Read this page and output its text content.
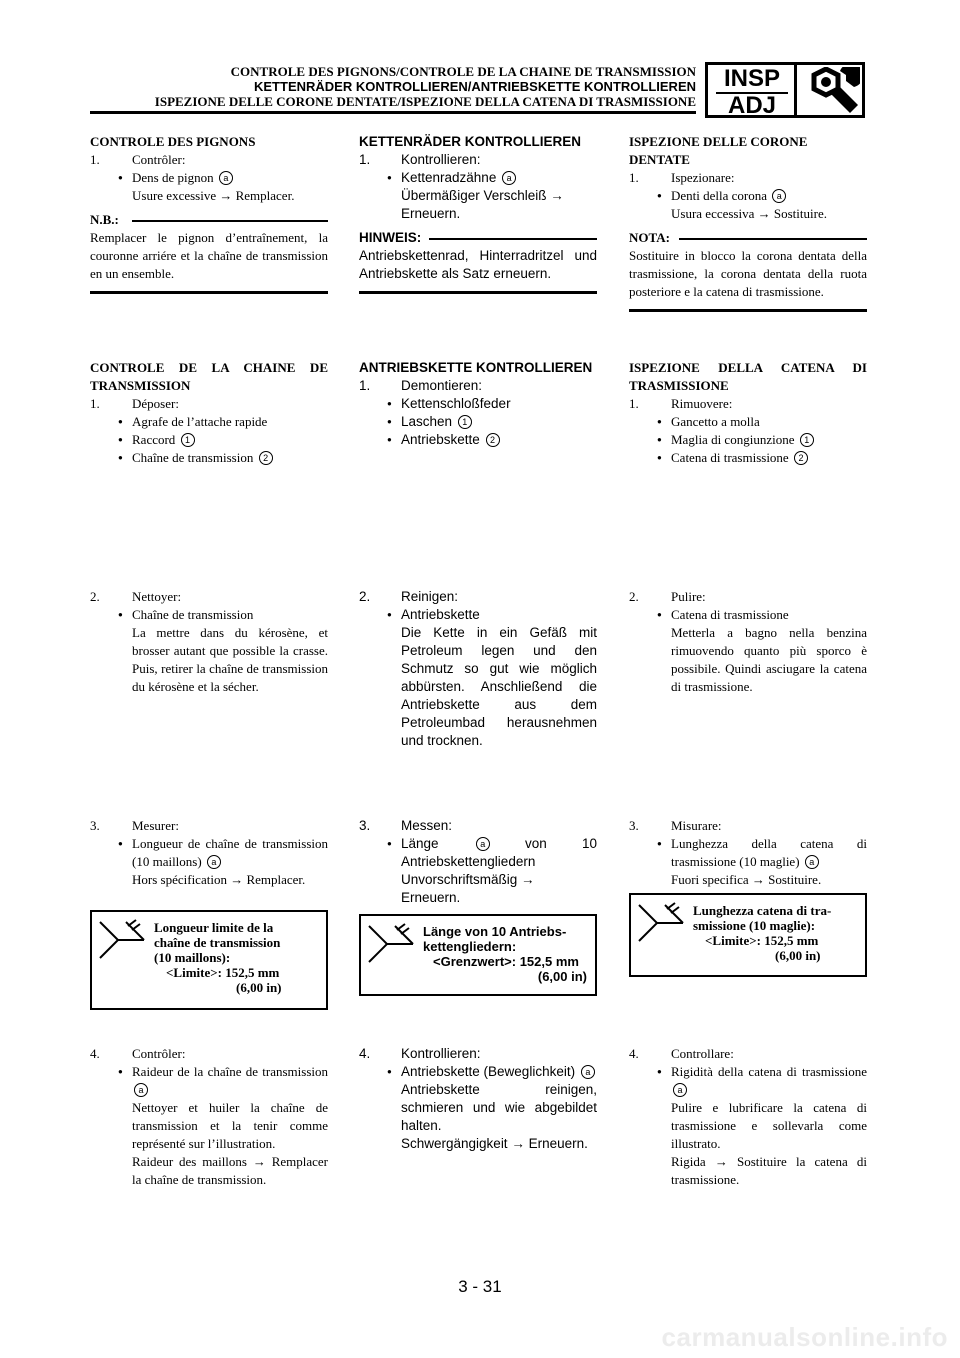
CONTROLE DES PIGNONS/CONTROLE DE LA CHAINE DE TRANSMISSION
KETTENRÄDER KONTROLLIEREN/ANTRIEBSKETTE KONTROLLIEREN
ISPEZIONE DELLE CORONE DENTATE/ISPEZIONE DELLA CATENA DI TRASMISSIONE
INSP
ADJ
CONTROLE DES PIGNONS
1. Contrôler:
● Dens de pignon a
Usure excessive → Remplacer.
N.B.:
Remplacer le pignon d’entraînement, la couronne arriére et la chaîne de transmission en un ensemble.
CONTROLE DE LA CHAINE DE TRANSMISSION
1. Déposer:
● Agrafe de l’attache rapide
● Raccord 1
● Chaîne de transmission 2
2. Nettoyer:
● Chaîne de transmission
La mettre dans du kérosène, et brosser autant que possible la crasse. Puis, retirer la chaîne de transmission du kérosène et la sécher.
3. Mesurer:
● Longueur de chaîne de transmission (10 maillons) a
Hors spécification → Remplacer.
Longueur limite de la
chaîne de transmission
(10 maillons):
<Limite>: 152,5 mm
(6,00 in)
4. Contrôler:
● Raideur de la chaîne de transmission a
Nettoyer et huiler la chaîne de transmission et la tenir comme représenté sur l’illustration.
Raideur des maillons → Remplacer la chaîne de transmission.
KETTENRÄDER KONTROLLIEREN
1. Kontrollieren:
● Kettenradzähne a
Übermäßiger Verschleiß → Erneuern.
HINWEIS:
Antriebskettenrad, Hinterradritzel und Antriebskette als Satz erneuern.
ANTRIEBSKETTE KONTROLLIEREN
1. Demontieren:
● Kettenschloßfeder
● Laschen 1
● Antriebskette 2
2. Reinigen:
● Antriebskette
Die Kette in ein Gefäß mit Petroleum legen und den Schmutz so gut wie möglich abbürsten. Anschließend die Antriebskette aus dem Petroleumbad herausnehmen und trocknen.
3. Messen:
● Länge	a	von 10 Antriebskettengliedern
Unvorschriftsmäßig → Erneuern.
Länge von 10 Antriebs-
kettengliedern:
<Grenzwert>: 152,5 mm
(6,00 in)
4. Kontrollieren:
● Antriebskette (Beweglichkeit) a
Antriebskette reinigen, schmieren und wie abgebildet halten.
Schwergängigkeit → Erneuern.
ISPEZIONE DELLE CORONE DENTATE
1. Ispezionare:
● Denti della corona a
Usura eccessiva → Sostituire.
NOTA:
Sostituire in blocco la corona dentata della trasmissione, la corona dentata della ruota posteriore e la catena di trasmissione.
ISPEZIONE DELLA CATENA DI TRASMISSIONE
1. Rimuovere:
● Gancetto a molla
● Maglia di congiunzione 1
● Catena di trasmissione 2
2. Pulire:
● Catena di trasmissione
Metterla a bagno nella benzina rimuovendo quanto più sporco è possibile. Quindi asciugare la catena di trasmissione.
3. Misurare:
● Lunghezza della catena di trasmissione (10 maglie) a
Fuori specifica → Sostituire.
Lunghezza catena di tra-
smissione (10 maglie):
<Limite>: 152,5 mm
(6,00 in)
4. Controllare:
● Rigidità della catena di trasmissione a
Pulire e lubrificare la catena di trasmissione e sollevarla come illustrato.
Rigida → Sostituire la catena di trasmissione.
3 - 31
carmanualsonline.info
